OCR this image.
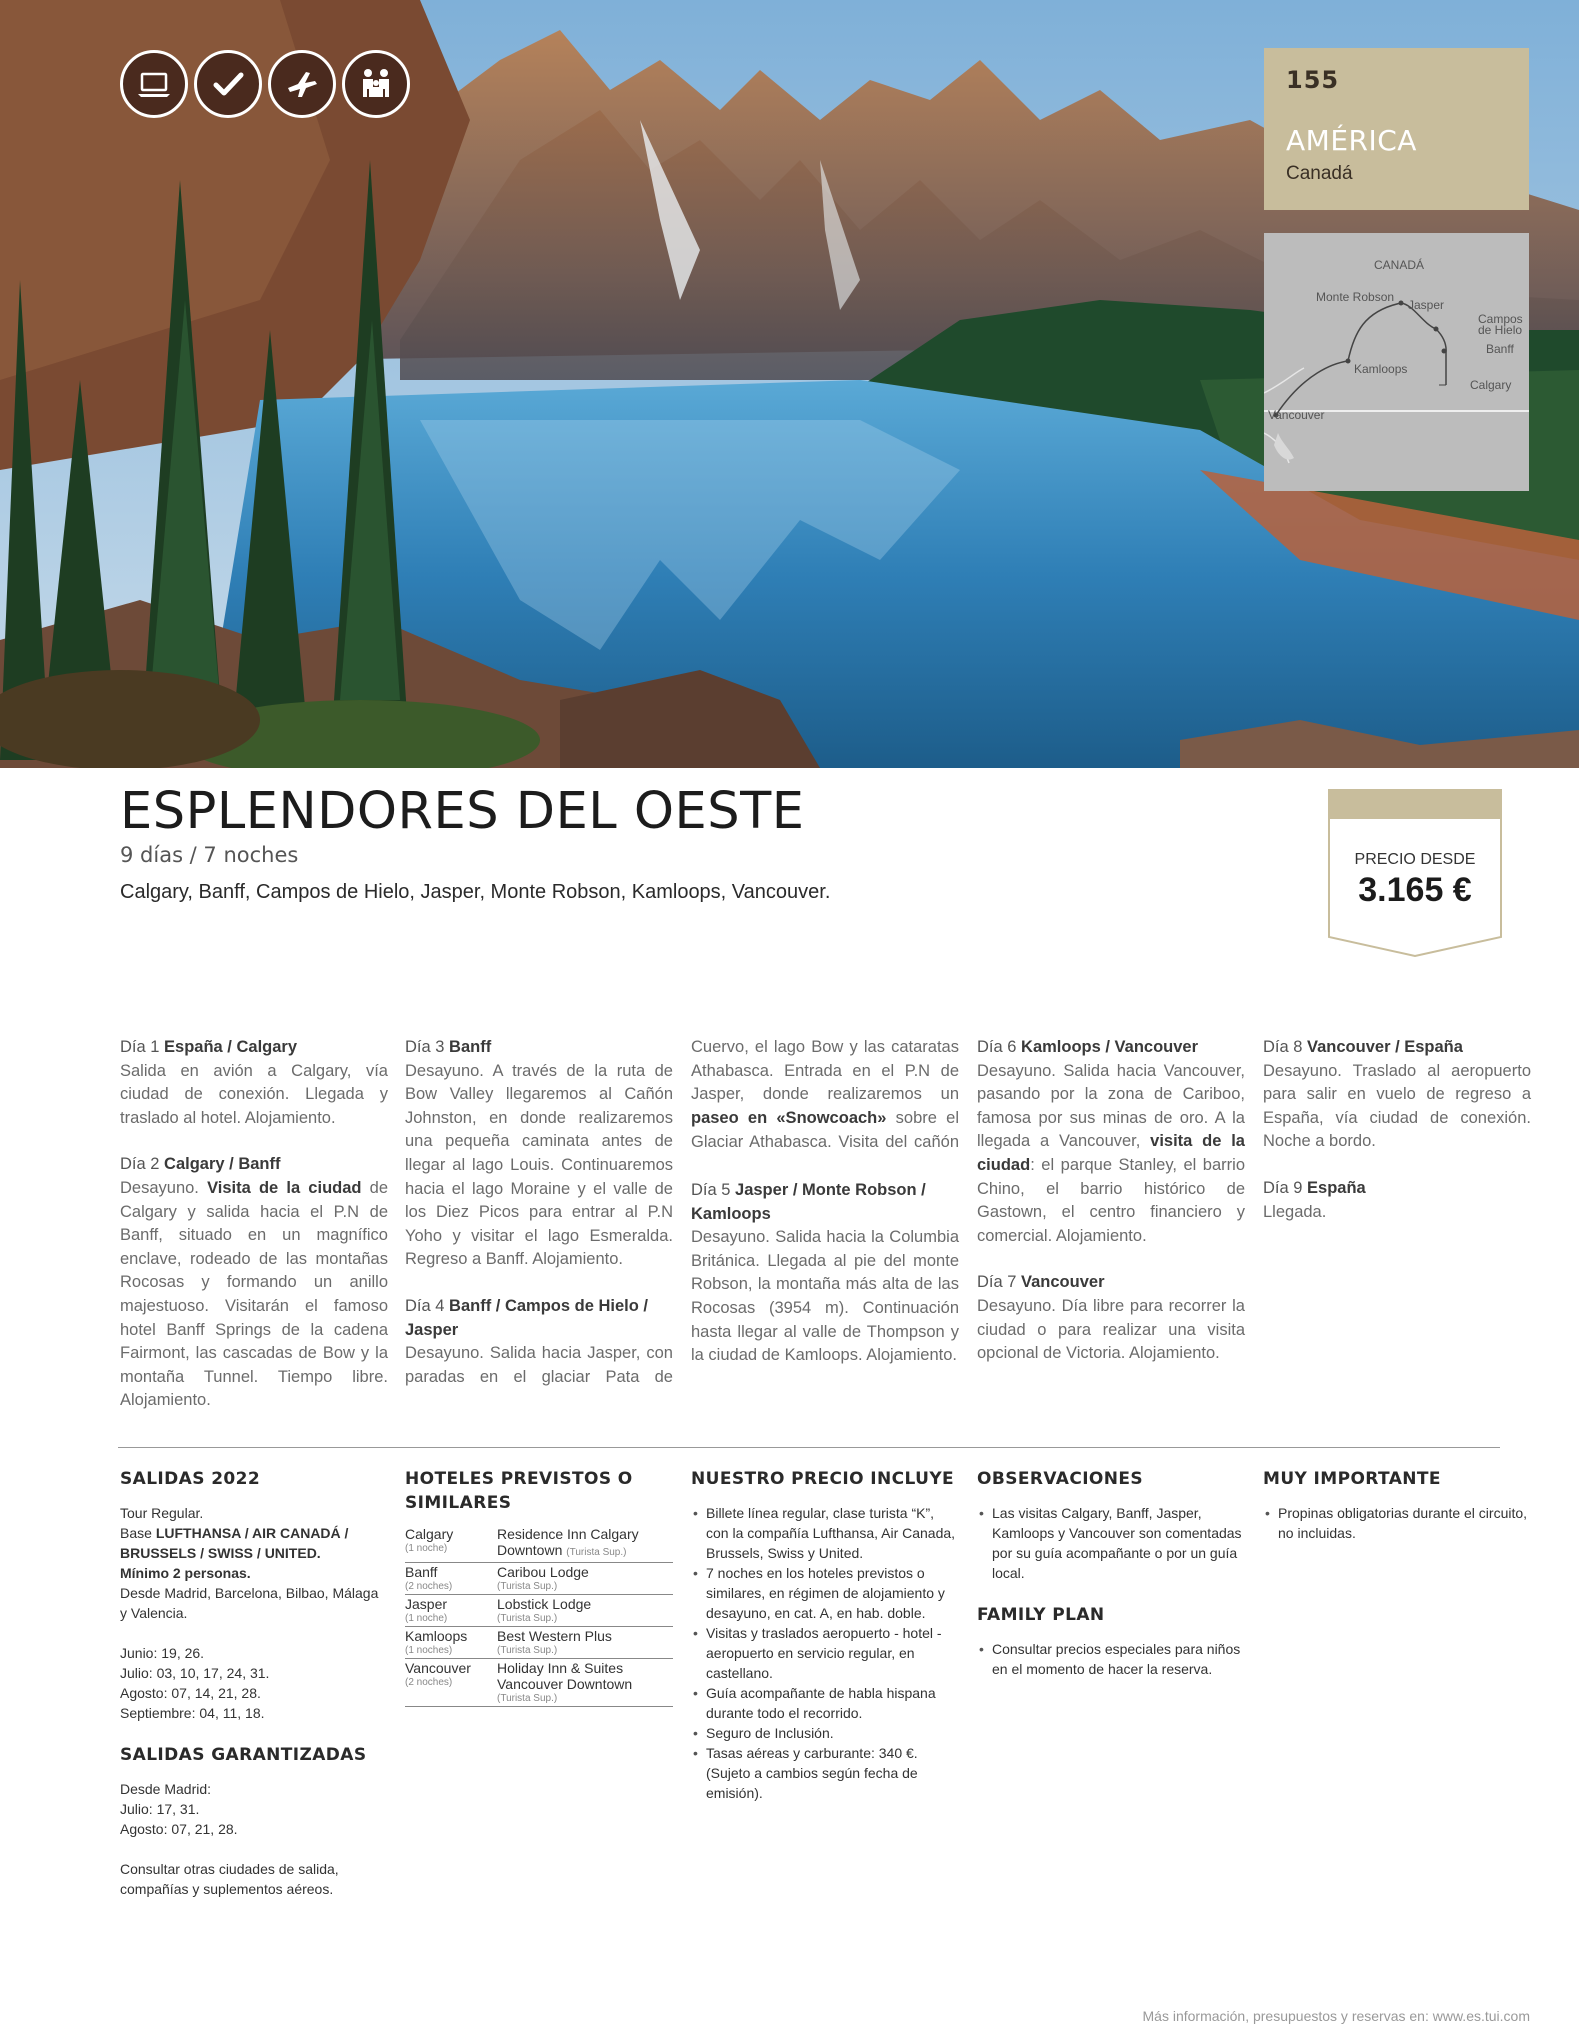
155
AMÉRICA
Canadá
CANADÁ
Monte Robson
Jasper
Campos
de Hielo
Banff
Kamloops
Calgary
Vancouver
ESPLENDORES DEL OESTE
9 días / 7 noches
Calgary, Banff, Campos de Hielo, Jasper, Monte Robson, Kamloops, Vancouver.
PRECIO DESDE
3.165 €

Día 1 España / Calgary
Salida en avión a Calgary, vía ciudad de conexión. Llegada y traslado al hotel. Alojamiento.

Día 2 Calgary / Banff
Desayuno. Visita de la ciudad de Calgary y salida hacia el P.N de Banff, situado en un magnífico enclave, rodeado de las montañas Rocosas y formando un anillo majestuoso. Visitarán el famoso hotel Banff Springs de la cadena Fairmont, las cascadas de Bow y la montaña Tunnel. Tiempo libre. Alojamiento.

Día 3 Banff
Desayuno. A través de la ruta de Bow Valley llegaremos al Cañón Johnston, en donde realizaremos una pequeña caminata antes de llegar al lago Louis. Continuaremos hacia el lago Moraine y el valle de los Diez Picos para entrar al P.N Yoho y visitar el lago Esmeralda. Regreso a Banff. Alojamiento.

Día 4 Banff / Campos de Hielo / Jasper
Desayuno. Salida hacia Jasper, con paradas en el glaciar Pata de

Cuervo, el lago Bow y las cataratas Athabasca. Entrada en el P.N de Jasper, donde realizaremos un paseo en «Snowcoach» sobre el Glaciar Athabasca. Visita del cañón

Día 5 Jasper / Monte Robson / Kamloops
Desayuno. Salida hacia la Columbia Británica. Llegada al pie del monte Robson, la montaña más alta de las Rocosas (3954 m). Continuación hasta llegar al valle de Thompson y la ciudad de Kamloops. Alojamiento.

Día 6 Kamloops / Vancouver
Desayuno. Salida hacia Vancouver, pasando por la zona de Cariboo, famosa por sus minas de oro. A la llegada a Vancouver, visita de la ciudad: el parque Stanley, el barrio Chino, el barrio histórico de Gastown, el centro financiero y comercial. Alojamiento.

Día 7 Vancouver
Desayuno. Día libre para recorrer la ciudad o para realizar una visita opcional de Victoria. Alojamiento.

Día 8 Vancouver / España
Desayuno. Traslado al aeropuerto para salir en vuelo de regreso a España, vía ciudad de conexión. Noche a bordo.

Día 9 España
Llegada.

SALIDAS 2022

Tour Regular.

Base LUFTHANSA / AIR CANADÁ / BRUSSELS / SWISS / UNITED.

Mínimo 2 personas.

Desde Madrid, Barcelona, Bilbao, Málaga y Valencia.

Junio: 19, 26.

Julio: 03, 10, 17, 24, 31.

Agosto: 07, 14, 21, 28.

Septiembre: 04, 11, 18.

SALIDAS GARANTIZADAS

Desde Madrid:

Julio: 17, 31.

Agosto: 07, 21, 28.

Consultar otras ciudades de salida, compañías y suplementos aéreos.

HOTELES PREVISTOS O SIMILARES
Calgary
(1 noche)	Residence Inn Calgary Downtown (Turista Sup.)
Banff
(2 noches)	Caribou Lodge
(Turista Sup.)

Jasper
(1 noche)	Lobstick Lodge
(Turista Sup.)

Kamloops
(1 noches)	Best Western Plus
(Turista Sup.)

Vancouver
(2 noches)	Holiday Inn & Suites Vancouver Downtown
(Turista Sup.)
NUESTRO PRECIO INCLUYE
• Billete línea regular, clase turista “K”, con la compañía Lufthansa, Air Canada, Brussels, Swiss y United.
• 7 noches en los hoteles previstos o similares, en régimen de alojamiento y desayuno, en cat. A, en hab. doble.
• Visitas y traslados aeropuerto - hotel - aeropuerto en servicio regular, en castellano.
• Guía acompañante de habla hispana durante todo el recorrido.
• Seguro de Inclusión.
• Tasas aéreas y carburante: 340 €. (Sujeto a cambios según fecha de emisión).
OBSERVACIONES
• Las visitas Calgary, Banff, Jasper, Kamloops y Vancouver son comentadas por su guía acompañante o por un guía local.
FAMILY PLAN
• Consultar precios especiales para niños en el momento de hacer la reserva.
MUY IMPORTANTE
• Propinas obligatorias durante el circuito, no incluidas.
Más información, presupuestos y reservas en: www.es.tui.com
